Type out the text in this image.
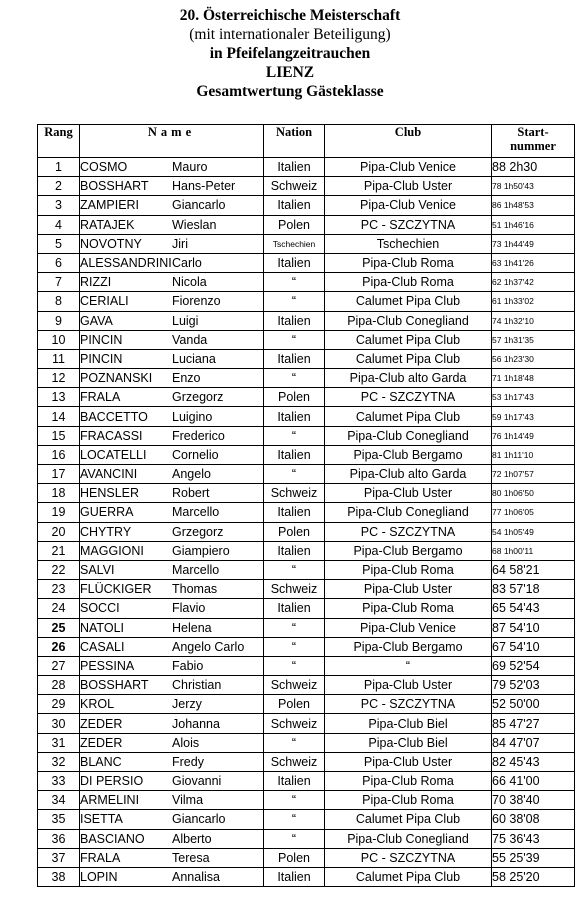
20. Österreichische Meisterschaft
(mit internationaler Beteiligung)
in Pfeifelangzeitrauchen
LIENZ
Gesamtwertung Gästeklasse
Rang	Name	Nation	Club	Start-
nummer
1	COSMO Mauro	Italien	Pipa-Club Venice	88 2h30
2	BOSSHART Hans-Peter	Schweiz	Pipa-Club Uster	78 1h50'43
3	ZAMPIERI Giancarlo	Italien	Pipa-Club Venice	86 1h48'53
4	RATAJEK Wieslan	Polen	PC - SZCZYTNA	51 1h46'16
5	NOVOTNY Jiri	Tschechien	Tschechien	73 1h44'49
6	ALESSANDRINICarlo	Italien	Pipa-Club Roma	63 1h41'26
7	RIZZI Nicola	“	Pipa-Club Roma	62 1h37'42
8	CERIALI Fiorenzo	“	Calumet Pipa Club	61 1h33'02
9	GAVA Luigi	Italien	Pipa-Club Conegliand	74 1h32'10
10	PINCIN Vanda	“	Calumet Pipa Club	57 1h31'35
11	PINCIN Luciana	Italien	Calumet Pipa Club	56 1h23'30
12	POZNANSKI Enzo	“	Pipa-Club alto Garda	71 1h18'48
13	FRALA Grzegorz	Polen	PC - SZCZYTNA	53 1h17'43
14	BACCETTO Luigino	Italien	Calumet Pipa Club	59 1h17'43
15	FRACASSI Frederico	“	Pipa-Club Conegliand	76 1h14'49
16	LOCATELLI Cornelio	Italien	Pipa-Club Bergamo	81 1h11'10
17	AVANCINI Angelo	“	Pipa-Club alto Garda	72 1h07'57
18	HENSLER Robert	Schweiz	Pipa-Club Uster	80 1h06'50
19	GUERRA Marcello	Italien	Pipa-Club Conegliand	77 1h06'05
20	CHYTRY Grzegorz	Polen	PC - SZCZYTNA	54 1h05'49
21	MAGGIONI Giampiero	Italien	Pipa-Club Bergamo	68 1h00'11
22	SALVI Marcello	“	Pipa-Club Roma	64 58'21
23	FLÜCKIGER Thomas	Schweiz	Pipa-Club Uster	83 57'18
24	SOCCI Flavio	Italien	Pipa-Club Roma	65 54'43
25	NATOLI Helena	“	Pipa-Club Venice	87 54'10
26	CASALI Angelo Carlo	“	Pipa-Club Bergamo	67 54'10
27	PESSINA Fabio	“	“	69 52'54
28	BOSSHART Christian	Schweiz	Pipa-Club Uster	79 52'03
29	KROL Jerzy	Polen	PC - SZCZYTNA	52 50'00
30	ZEDER Johanna	Schweiz	Pipa-Club Biel	85 47'27
31	ZEDER Alois	“	Pipa-Club Biel	84 47'07
32	BLANC Fredy	Schweiz	Pipa-Club Uster	82 45'43
33	DI PERSIO Giovanni	Italien	Pipa-Club Roma	66 41'00
34	ARMELINI Vilma	“	Pipa-Club Roma	70 38'40
35	ISETTA Giancarlo	“	Calumet Pipa Club	60 38'08
36	BASCIANO Alberto	“	Pipa-Club Conegliand	75 36'43
37	FRALA Teresa	Polen	PC - SZCZYTNA	55 25'39
38	LOPIN Annalisa	Italien	Calumet Pipa Club	58 25'20
